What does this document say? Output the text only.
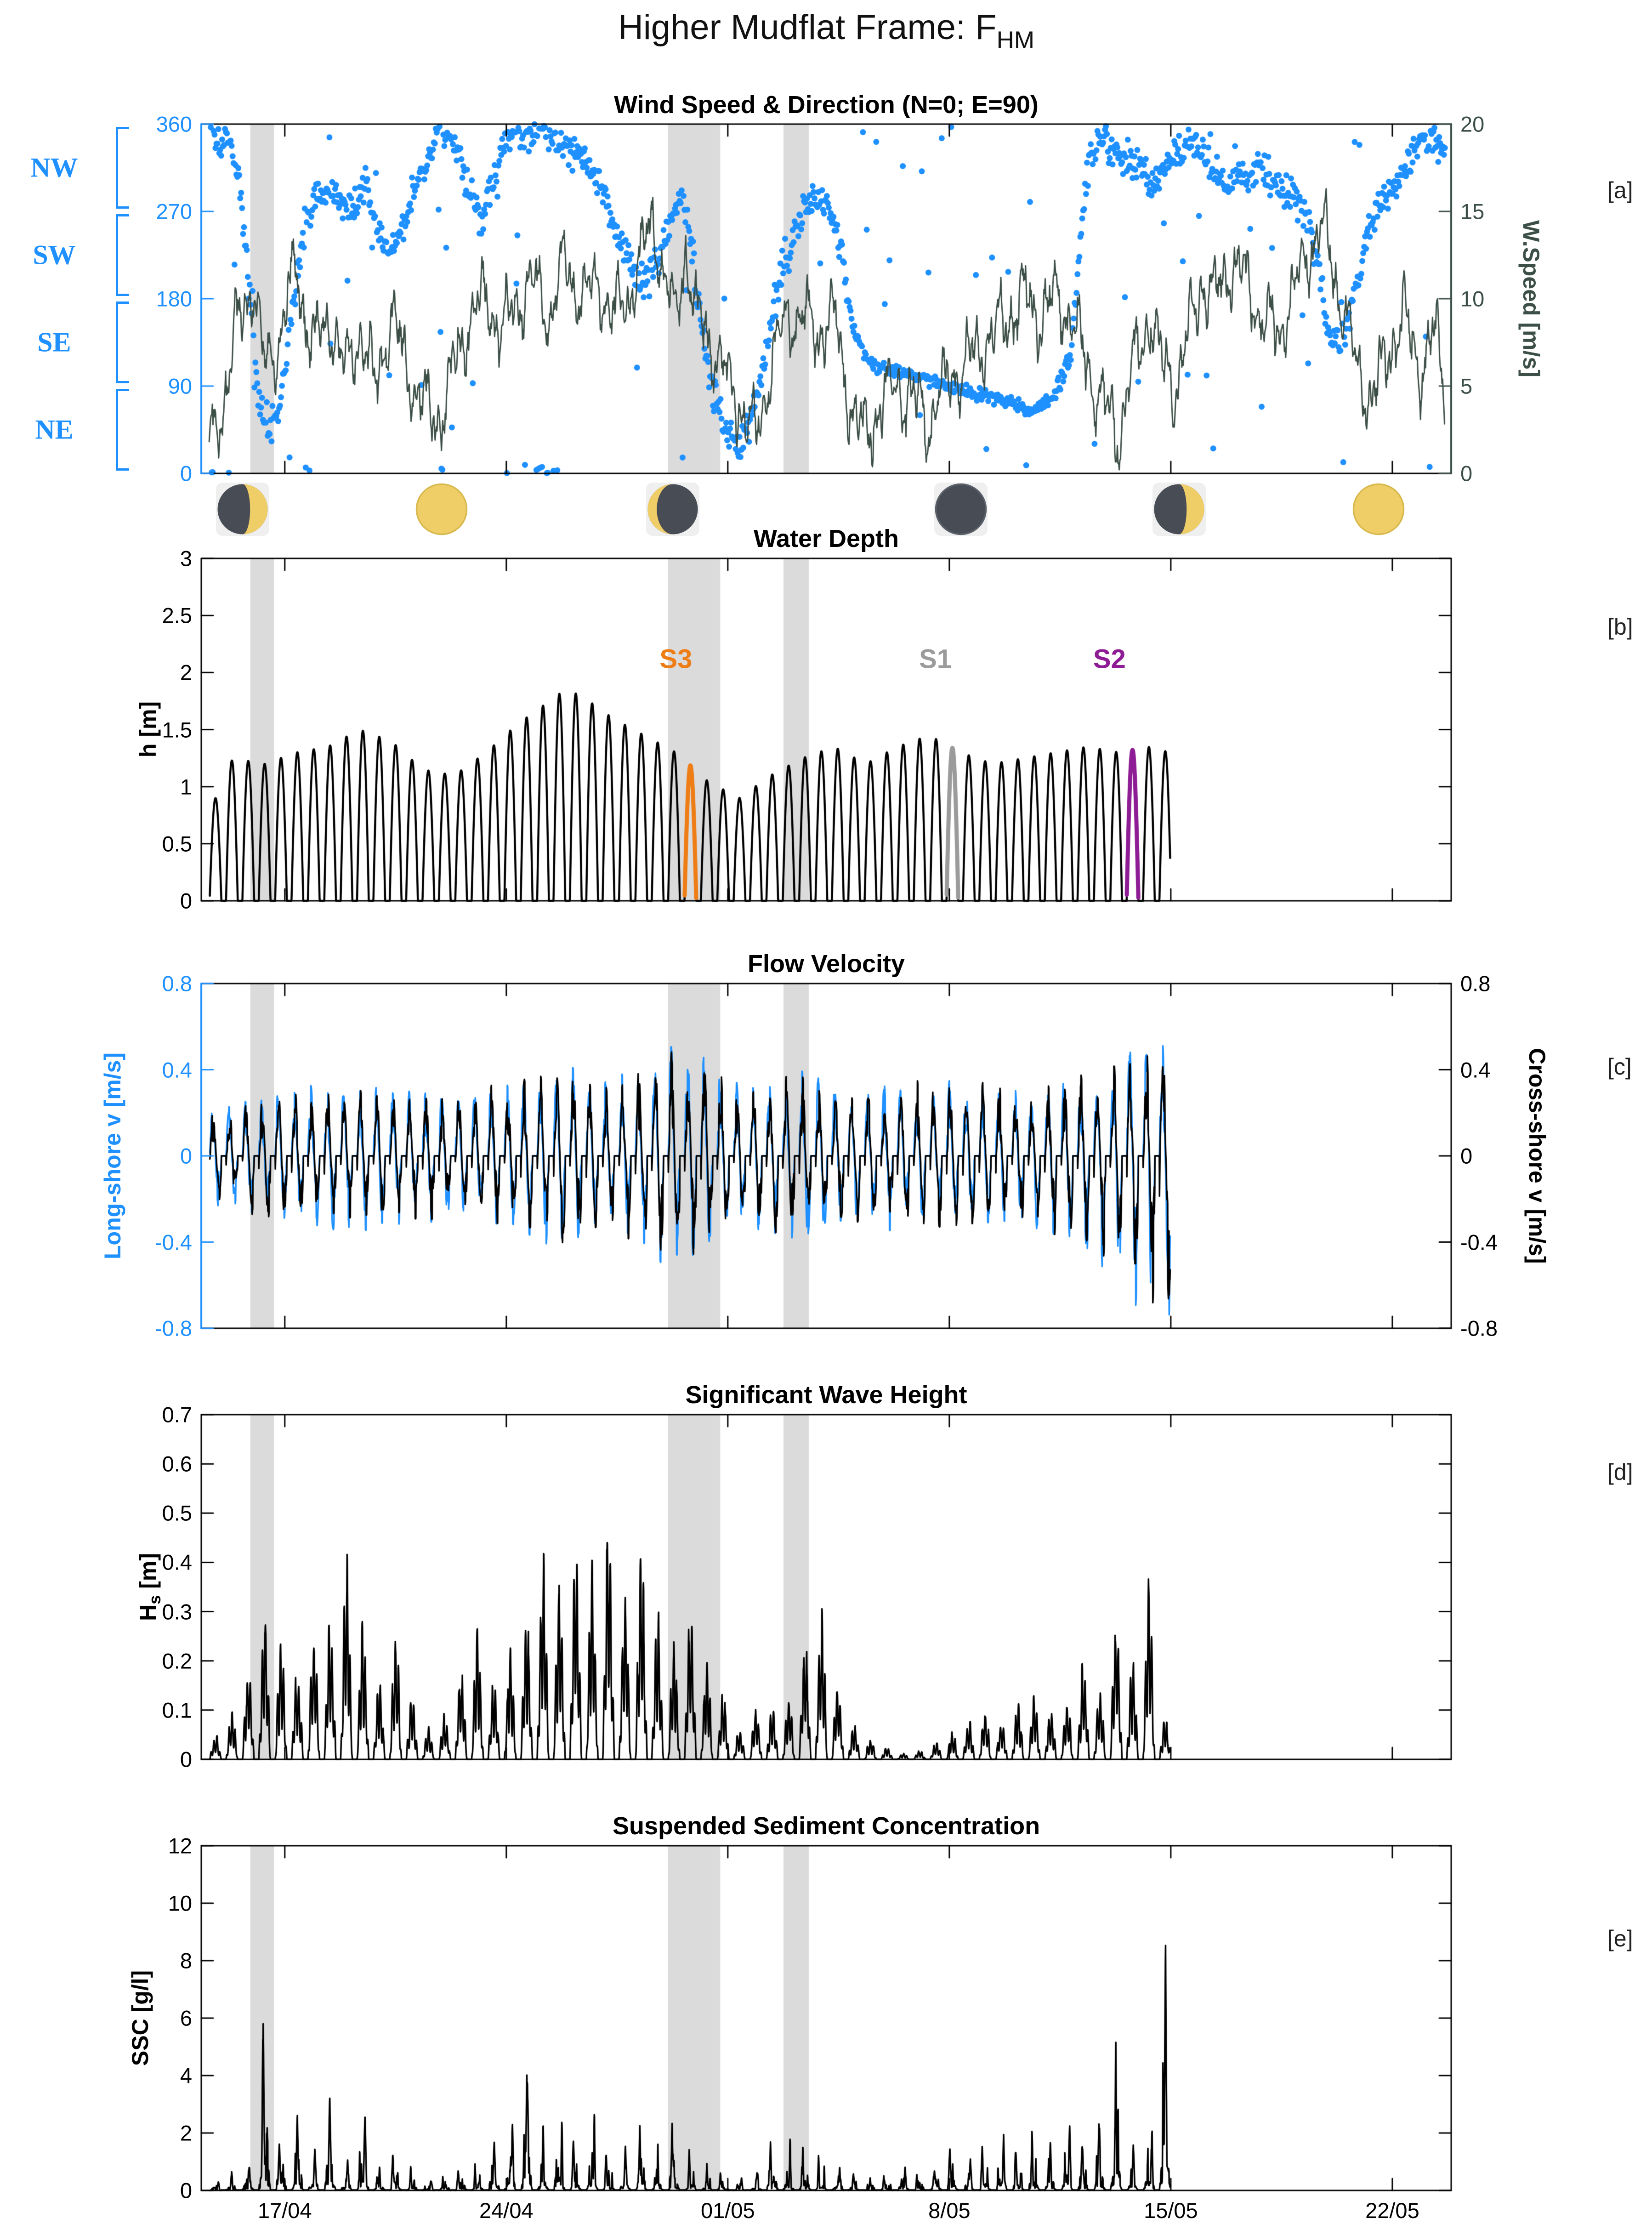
Higher Mudflat Frame: $F_{HM}$
Wind Speed & Direction (N=0; E=90)
Water Depth
Flow Velocity
Significant Wave Height
Suspended Sediment Concentration
[a]
[b]
[c]
[d]
[e]
W.Speed [m/s]
h [m]
Long-shore v [m/s]	Cross-shore v [m/s]
$H_s$ [m]
SSC [g/l]
S3	S1	S2
17/04	24/04	01/05	8/05	15/05	22/05
0
90
180
270
360
0
5
10
15
20
0
0.5
1
1.5
2
2.5
3
-0.8	-0.8
-0.4	-0.4
0	0
0.4	0.4
0.8	0.8
0
0.1
0.2
0.3
0.4
0.5
0.6
0.7
0
2
4
6
8
10
12
NW
SW
SE
NE
